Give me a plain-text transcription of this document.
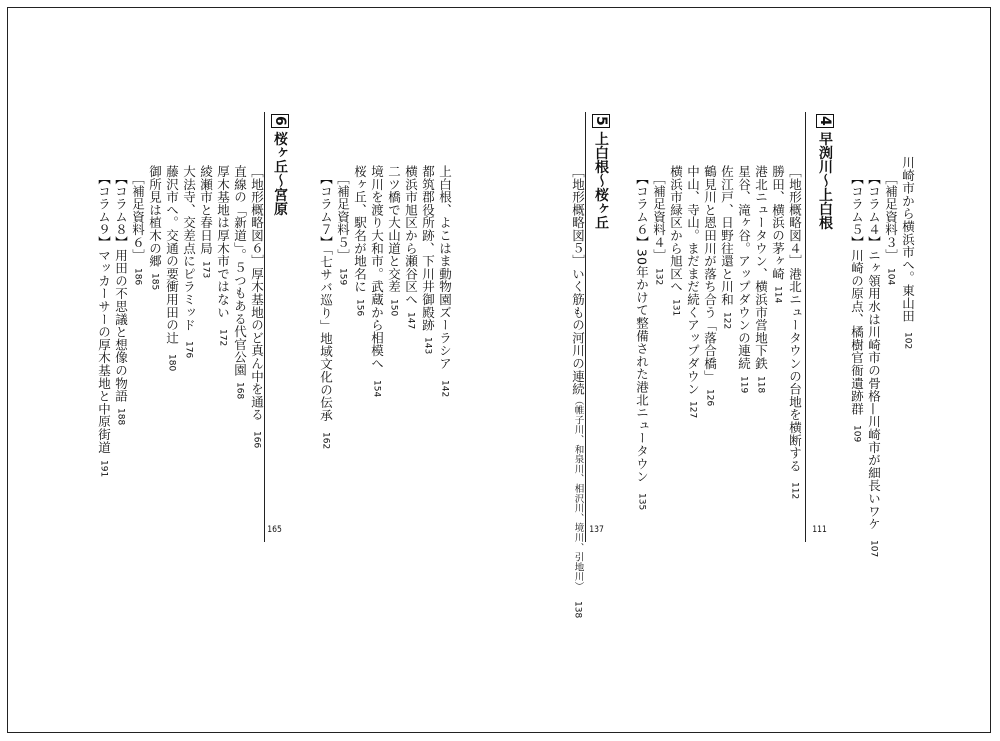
4早渕川〜上白根
111
5上白根〜桜ヶ丘
137
6桜ヶ丘〜宮原
165
川崎市から横浜市へ。東山田102
［補足資料３］104
【コラム４】ニヶ領用水は川崎市の骨格—川崎市が細長いワケ107
【コラム５】川崎の原点、橘樹官衙遺跡群109
［地形概略図４］港北ニュータウンの台地を横断する112
勝田、横浜の茅ヶ崎114
港北ニュータウン、横浜市営地下鉄118
星谷、滝ヶ谷。アップダウンの連続119
佐江戸、日野往還と川和122
鶴見川と恩田川が落ち合う「落合橋」126
中山、寺山。まだまだ続くアップダウン127
横浜市緑区から旭区へ131
［補足資料４］132
【コラム６】30年かけて整備された港北ニュータウン135
［地形概略図５］いく筋もの河川の連続（帷子川、和泉川、相沢川、境川、引地川）138
上白根、よこはま動物園ズーラシア142
都筑郡役所跡、下川井御殿跡143
横浜市旭区から瀬谷区へ147
二ツ橋で大山道と交差150
境川を渡り大和市。武蔵から相模へ154
桜ヶ丘、駅名が地名に156
［補足資料５］159
【コラム７】「七サバ巡り」地域文化の伝承162
［地形概略図６］厚木基地のど真ん中を通る166
直線の「新道」。５つもある代官公園168
厚木基地は厚木市ではない172
綾瀬市と春日局173
大法寺、交差点にピラミッド176
藤沢市へ。交通の要衝用田の辻180
御所見は植木の郷185
［補足資料６］186
【コラム８】用田の不思議と想像の物語188
【コラム９】マッカーサーの厚木基地と中原街道191
